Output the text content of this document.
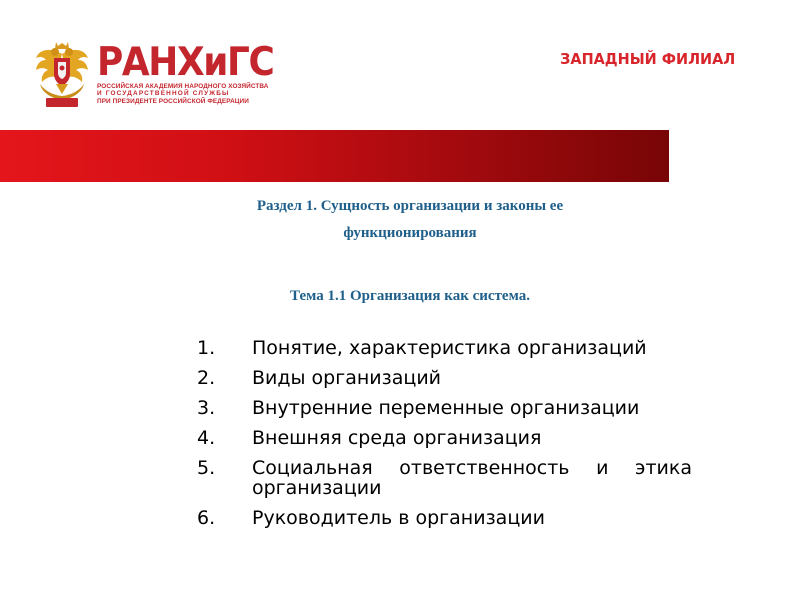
РАНХиГС
РОССИЙСКАЯ АКАДЕМИЯ НАРОДНОГО ХОЗЯЙСТВА
И ГОСУДАРСТВЕННОЙ СЛУЖБЫ
ПРИ ПРЕЗИДЕНТЕ РОССИЙСКОЙ ФЕДЕРАЦИИ
ЗАПАДНЫЙ ФИЛИАЛ
Раздел 1. Сущность организации и законы ее
функционирования
Тема 1.1 Организация как система.
1.	Понятие, характеристика организаций
2.	Виды организаций
3.	Внутренние переменные организации
4.	Внешняя среда организация
5.	Социальная ответственность и этика организации
6.	Руководитель в организации
